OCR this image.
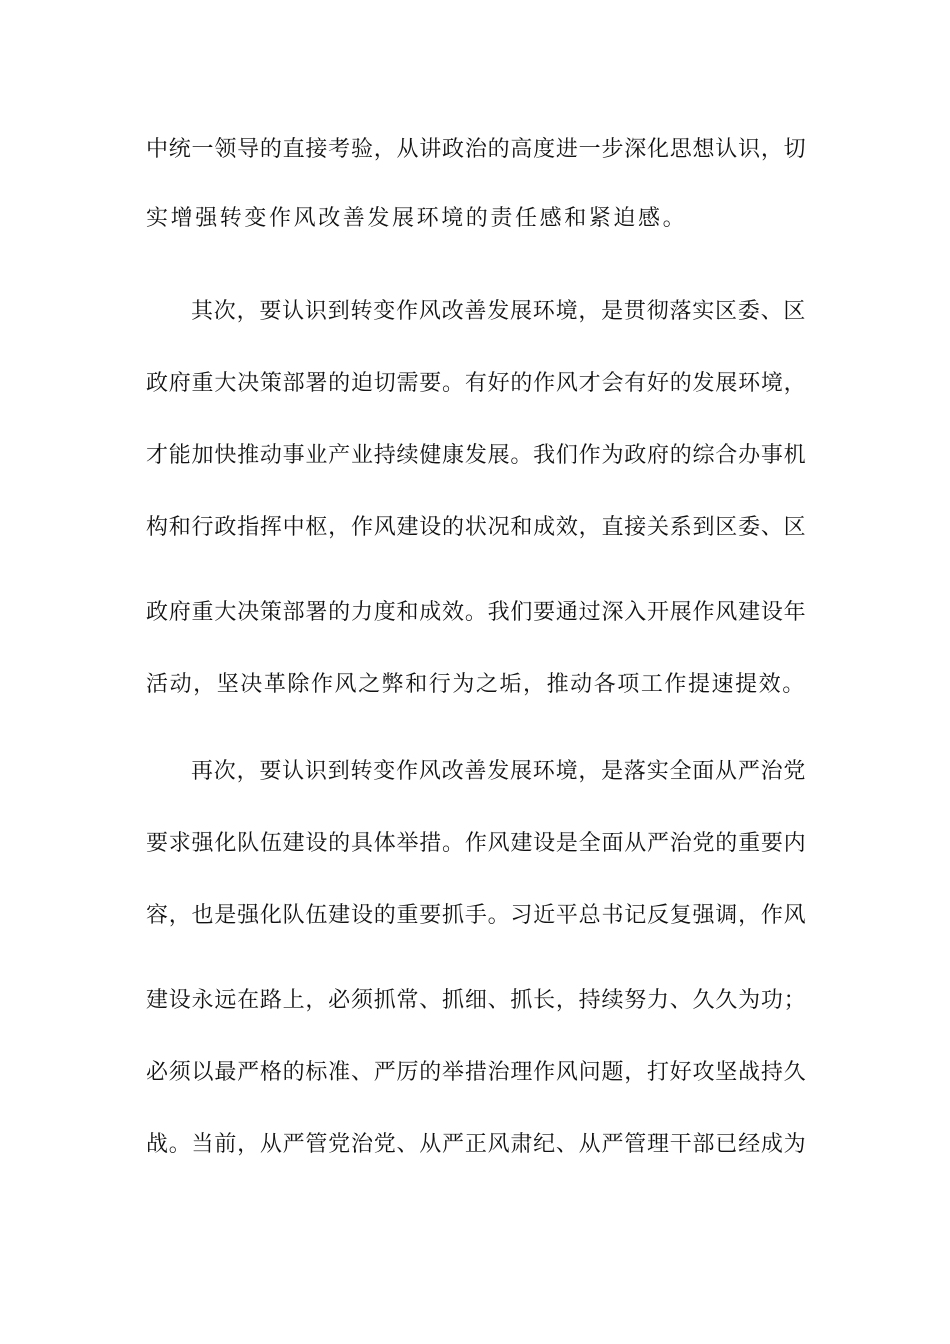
中统一领导的直接考验，从讲政治的高度进一步深化思想认识，切
实增强转变作风改善发展环境的责任感和紧迫感。
其次，要认识到转变作风改善发展环境，是贯彻落实区委、区
政府重大决策部署的迫切需要。有好的作风才会有好的发展环境，
才能加快推动事业产业持续健康发展。我们作为政府的综合办事机
构和行政指挥中枢，作风建设的状况和成效，直接关系到区委、区
政府重大决策部署的力度和成效。我们要通过深入开展作风建设年
活动，坚决革除作风之弊和行为之垢，推动各项工作提速提效。
再次，要认识到转变作风改善发展环境，是落实全面从严治党
要求强化队伍建设的具体举措。作风建设是全面从严治党的重要内
容，也是强化队伍建设的重要抓手。习近平总书记反复强调，作风
建设永远在路上，必须抓常、抓细、抓长，持续努力、久久为功；
必须以最严格的标准、严厉的举措治理作风问题，打好攻坚战持久
战。当前，从严管党治党、从严正风肃纪、从严管理干部已经成为
